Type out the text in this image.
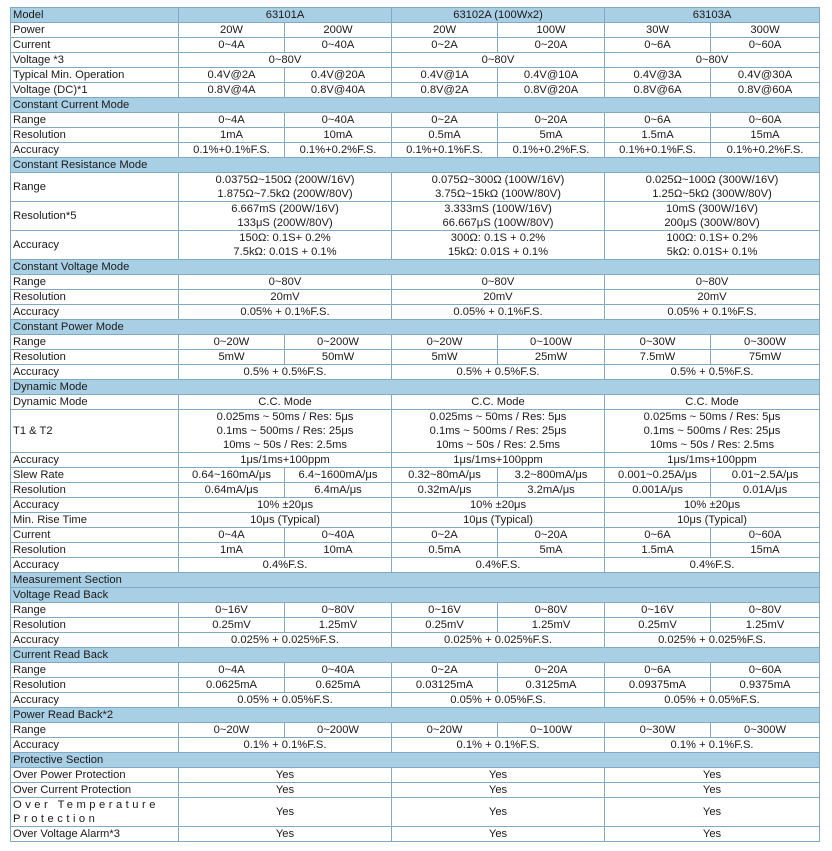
Model	63101A		63102A (100Wx2)		63103A	
Power	20W	200W	20W	100W	30W	300W
Current	0~4A	0~40A	0~2A	0~20A	0~6A	0~60A
Voltage *3	0~80V		0~80V		0~80V	
Typical Min. Operation	0.4V@2A	0.4V@20A	0.4V@1A	0.4V@10A	0.4V@3A	0.4V@30A
Voltage (DC)*1	0.8V@4A	0.8V@40A	0.8V@2A	0.8V@20A	0.8V@6A	0.8V@60A
Constant Current Mode						
Range	0~4A	0~40A	0~2A	0~20A	0~6A	0~60A
Resolution	1mA	10mA	0.5mA	5mA	1.5mA	15mA
Accuracy	0.1%+0.1%F.S.	0.1%+0.2%F.S.	0.1%+0.1%F.S.	0.1%+0.2%F.S.	0.1%+0.1%F.S.	0.1%+0.2%F.S.
Constant Resistance Mode						
Range	0.0375Ω~150Ω (200W/16V)
1.875Ω~7.5kΩ (200W/80V)		0.075Ω~300Ω (100W/16V)
3.75Ω~15kΩ (100W/80V)		0.025Ω~100Ω (300W/16V)
1.25Ω~5kΩ (300W/80V)	

Resolution*5	6.667mS (200W/16V)
133μS (200W/80V)		3.333mS (100W/16V)
66.667μS (100W/80V)		10mS (300W/16V)
200μS (300W/80V)	

Accuracy	150Ω: 0.1S+ 0.2%
7.5kΩ: 0.01S + 0.1%		300Ω: 0.1S + 0.2%
15kΩ: 0.01S + 0.1%		100Ω: 0.1S+ 0.2%
5kΩ: 0.01S+ 0.1%	

Constant Voltage Mode						
Range	0~80V		0~80V		0~80V	
Resolution	20mV		20mV		20mV	
Accuracy	0.05% + 0.1%F.S.		0.05% + 0.1%F.S.		0.05% + 0.1%F.S.	
Constant Power Mode						
Range	0~20W	0~200W	0~20W	0~100W	0~30W	0~300W
Resolution	5mW	50mW	5mW	25mW	7.5mW	75mW
Accuracy	0.5% + 0.5%F.S.		0.5% + 0.5%F.S.		0.5% + 0.5%F.S.	
Dynamic Mode						
Dynamic Mode	C.C. Mode		C.C. Mode		C.C. Mode	
T1 & T2	0.025ms ~ 50ms / Res: 5μs
0.1ms ~ 500ms / Res: 25μs
10ms ~ 50s / Res: 2.5ms		0.025ms ~ 50ms / Res: 5μs
0.1ms ~ 500ms / Res: 25μs
10ms ~ 50s / Res: 2.5ms		0.025ms ~ 50ms / Res: 5μs
0.1ms ~ 500ms / Res: 25μs
10ms ~ 50s / Res: 2.5ms	

Accuracy	1μs/1ms+100ppm		1μs/1ms+100ppm		1μs/1ms+100ppm	
Slew Rate	0.64~160mA/μs	6.4~1600mA/μs	0.32~80mA/μs	3.2~800mA/μs	0.001~0.25A/μs	0.01~2.5A/μs
Resolution	0.64mA/μs	6.4mA/μs	0.32mA/μs	3.2mA/μs	0.001A/μs	0.01A/μs
Accuracy	10% ±20μs		10% ±20μs		10% ±20μs	
Min. Rise Time	10μs (Typical)		10μs (Typical)		10μs (Typical)	
Current	0~4A	0~40A	0~2A	0~20A	0~6A	0~60A
Resolution	1mA	10mA	0.5mA	5mA	1.5mA	15mA
Accuracy	0.4%F.S.		0.4%F.S.		0.4%F.S.	
Measurement Section						
Voltage Read Back						
Range	0~16V	0~80V	0~16V	0~80V	0~16V	0~80V
Resolution	0.25mV	1.25mV	0.25mV	1.25mV	0.25mV	1.25mV
Accuracy	0.025% + 0.025%F.S.		0.025% + 0.025%F.S.		0.025% + 0.025%F.S.	
Current Read Back						
Range	0~4A	0~40A	0~2A	0~20A	0~6A	0~60A
Resolution	0.0625mA	0.625mA	0.03125mA	0.3125mA	0.09375mA	0.9375mA
Accuracy	0.05% + 0.05%F.S.		0.05% + 0.05%F.S.		0.05% + 0.05%F.S.	
Power Read Back*2						
Range	0~20W	0~200W	0~20W	0~100W	0~30W	0~300W
Accuracy	0.1% + 0.1%F.S.		0.1% + 0.1%F.S.		0.1% + 0.1%F.S.	
Protective Section						
Over Power Protection	Yes		Yes		Yes	
Over Current Protection	Yes		Yes		Yes	
Over Temperature Protection	Yes		Yes		Yes	
Over Voltage Alarm*3	Yes		Yes		Yes	
